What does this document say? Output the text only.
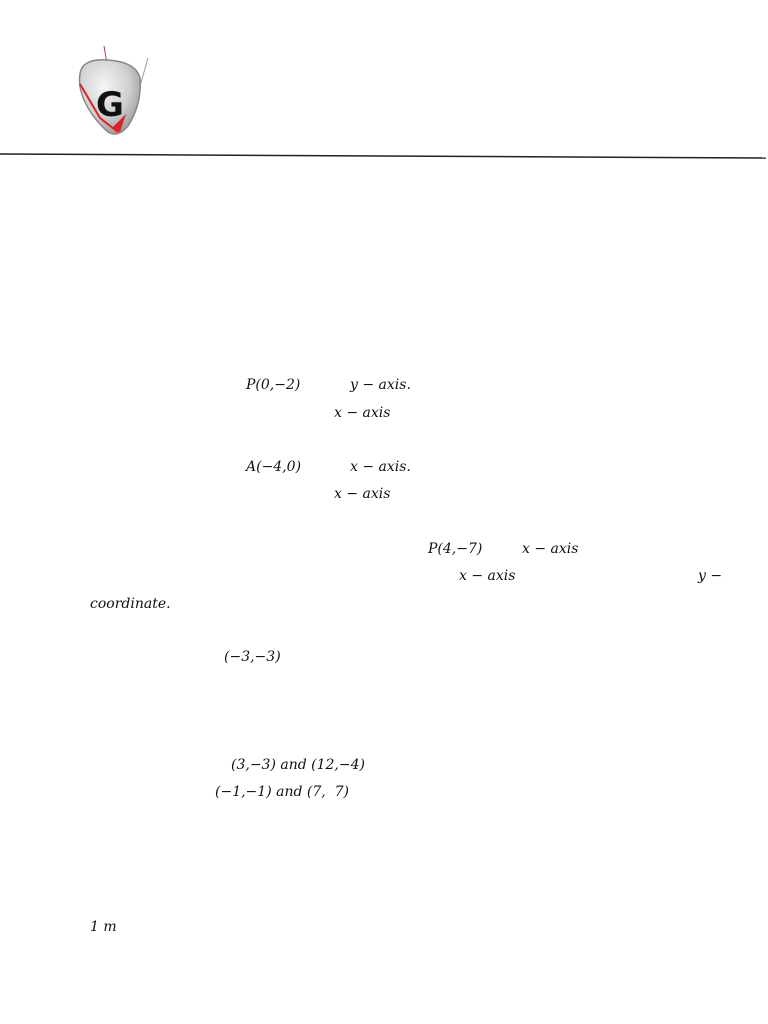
G
P(0,−2)	y − axis.
x − axis
A(−4,0)	x − axis.
x − axis
P(4,−7)	x − axis
x − axis	y −
coordinate.
(−3,−3)
(3,−3) and (12,−4)
(−1,−1) and (7,  7)
1 m
